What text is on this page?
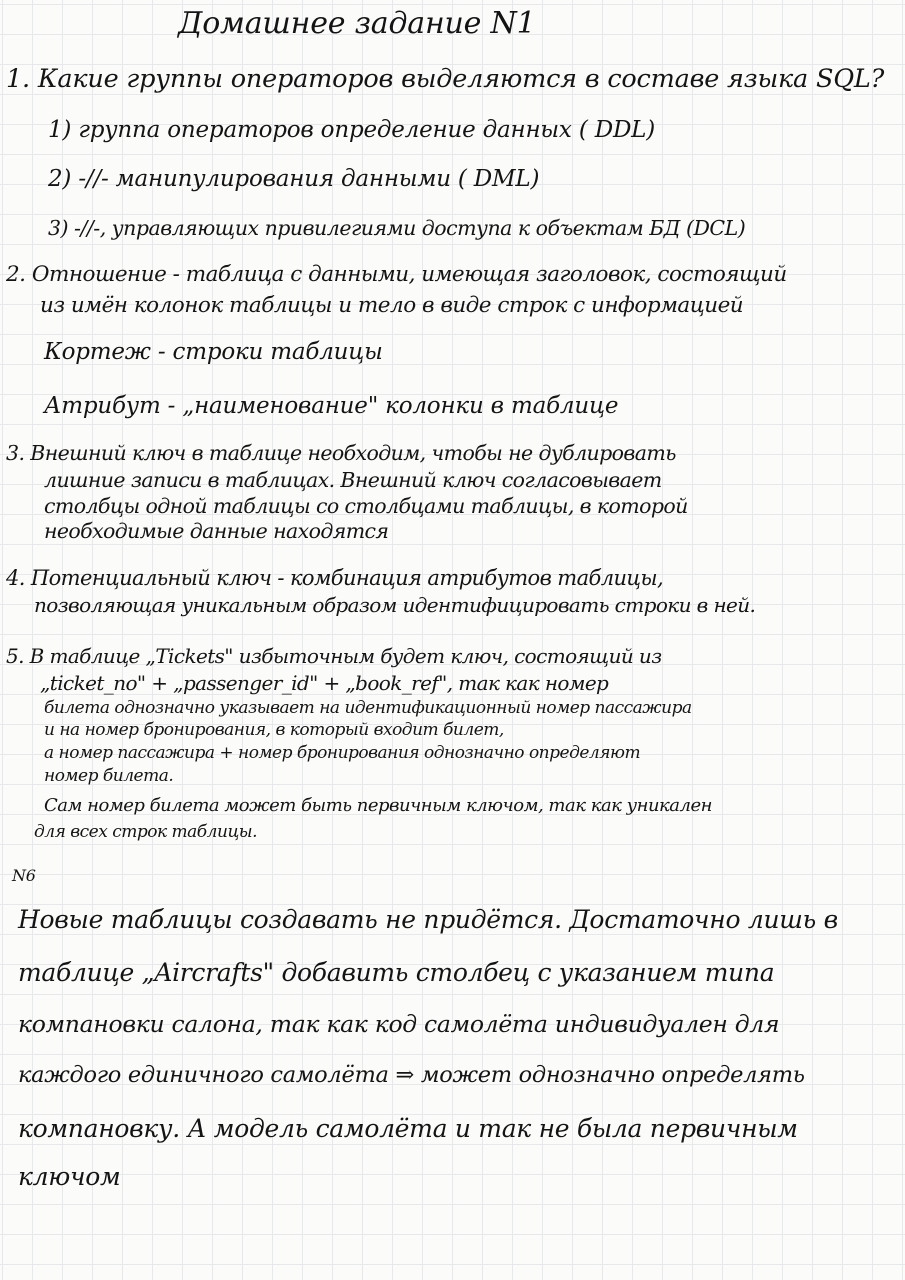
Домашнее задание N1

1. Какие группы операторов выделяются в составе языка SQL?

1) группа операторов определение данных ( DDL)

2) -//- манипулирования данными ( DML)

3) -//-, управляющих привилегиями доступа к объектам БД (DCL)

2. Отношение - таблица с данными, имеющая заголовок, состоящий

из имён колонок таблицы и тело в виде строк с информацией

Кортеж - строки таблицы

Атрибут - „наименование" колонки в таблице

3. Внешний ключ в таблице необходим, чтобы не дублировать

лишние записи в таблицах. Внешний ключ согласовывает

столбцы одной таблицы со столбцами таблицы, в которой

необходимые данные находятся

4. Потенциальный ключ - комбинация атрибутов таблицы,

позволяющая уникальным образом идентифицировать строки в ней.

5. В таблице „Tickets" избыточным будет ключ, состоящий из

„ticket_no" + „passenger_id" + „book_ref", так как номер

билета однозначно указывает на идентификационный номер пассажира

и на номер бронирования, в который входит билет,

а номер пассажира + номер бронирования однозначно определяют

номер билета.

Сам номер билета может быть первичным ключом, так как уникален

для всех строк таблицы.

N6

Новые таблицы создавать не придётся. Достаточно лишь в

таблице „Aircrafts" добавить столбец с указанием типа

компановки салона, так как код самолёта индивидуален для

каждого единичного самолёта ⇒ может однозначно определять

компановку. А модель самолёта и так не была первичным

ключом
